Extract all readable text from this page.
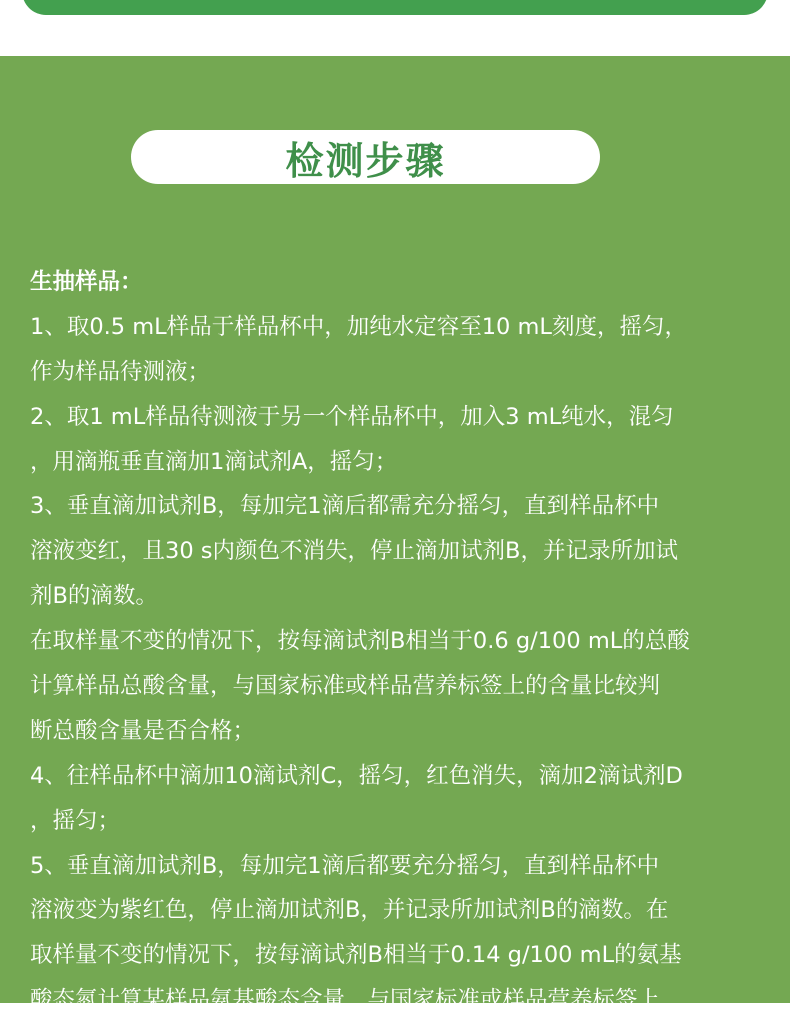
检测步骤
生抽样品：
1、取0.5 mL样品于样品杯中，加纯水定容至10 mL刻度，摇匀，
作为样品待测液；
2、取1 mL样品待测液于另一个样品杯中，加入3 mL纯水，混匀
，用滴瓶垂直滴加1滴试剂A，摇匀；
3、垂直滴加试剂B，每加完1滴后都需充分摇匀，直到样品杯中
溶液变红，且30 s内颜色不消失，停止滴加试剂B，并记录所加试
剂B的滴数。
在取样量不变的情况下，按每滴试剂B相当于0.6 g/100 mL的总酸
计算样品总酸含量，与国家标准或样品营养标签上的含量比较判
断总酸含量是否合格；
4、往样品杯中滴加10滴试剂C，摇匀，红色消失，滴加2滴试剂D
，摇匀；
5、垂直滴加试剂B，每加完1滴后都要充分摇匀，直到样品杯中
溶液变为紫红色，停止滴加试剂B，并记录所加试剂B的滴数。在
取样量不变的情况下，按每滴试剂B相当于0.14 g/100 mL的氨基
酸态氮计算某样品氨基酸态含量，与国家标准或样品营养标签上
